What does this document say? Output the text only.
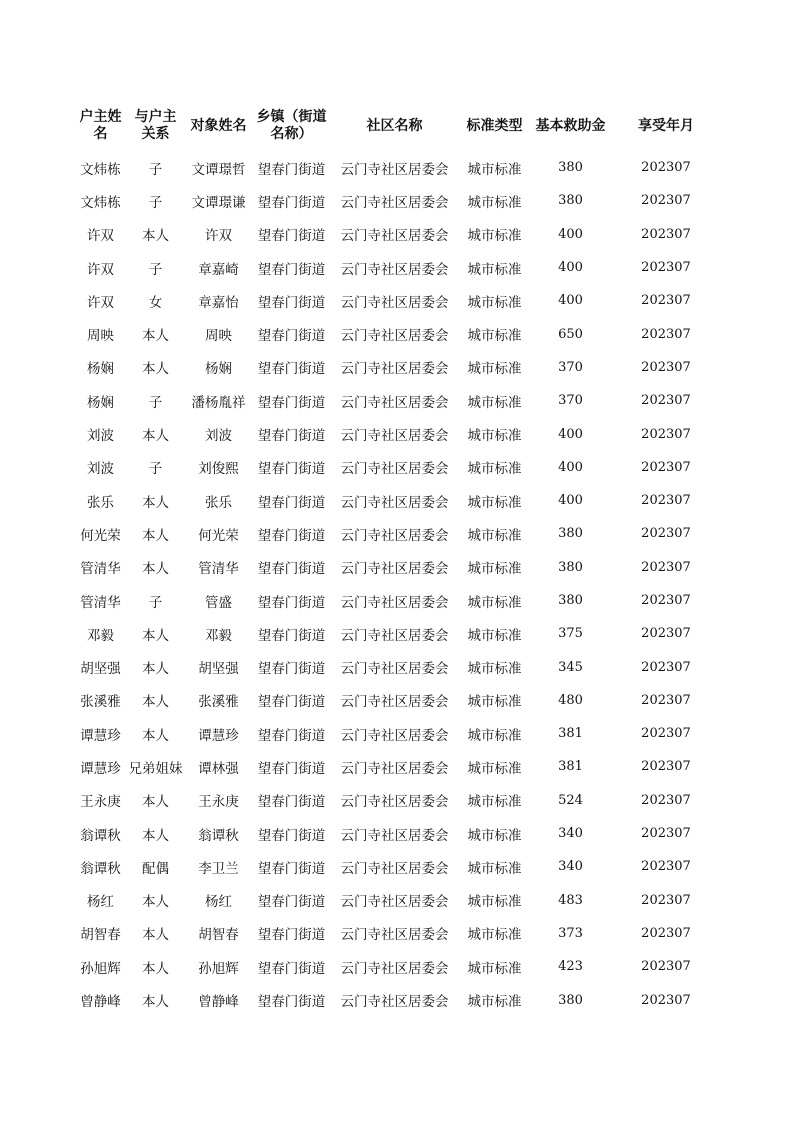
户主姓名	与户主关系	对象姓名	乡镇（街道名称）	社区名称	标准类型	基本救助金	享受年月
文炜栋	子	文谭璟哲	望春门街道	云门寺社区居委会	城市标准	380	202307
文炜栋	子	文谭璟谦	望春门街道	云门寺社区居委会	城市标准	380	202307
许双	本人	许双	望春门街道	云门寺社区居委会	城市标准	400	202307
许双	子	章嘉崎	望春门街道	云门寺社区居委会	城市标准	400	202307
许双	女	章嘉怡	望春门街道	云门寺社区居委会	城市标准	400	202307
周映	本人	周映	望春门街道	云门寺社区居委会	城市标准	650	202307
杨娴	本人	杨娴	望春门街道	云门寺社区居委会	城市标准	370	202307
杨娴	子	潘杨胤祥	望春门街道	云门寺社区居委会	城市标准	370	202307
刘波	本人	刘波	望春门街道	云门寺社区居委会	城市标准	400	202307
刘波	子	刘俊熙	望春门街道	云门寺社区居委会	城市标准	400	202307
张乐	本人	张乐	望春门街道	云门寺社区居委会	城市标准	400	202307
何光荣	本人	何光荣	望春门街道	云门寺社区居委会	城市标准	380	202307
管清华	本人	管清华	望春门街道	云门寺社区居委会	城市标准	380	202307
管清华	子	管盛	望春门街道	云门寺社区居委会	城市标准	380	202307
邓毅	本人	邓毅	望春门街道	云门寺社区居委会	城市标准	375	202307
胡坚强	本人	胡坚强	望春门街道	云门寺社区居委会	城市标准	345	202307
张溪雅	本人	张溪雅	望春门街道	云门寺社区居委会	城市标准	480	202307
谭慧珍	本人	谭慧珍	望春门街道	云门寺社区居委会	城市标准	381	202307
谭慧珍	兄弟姐妹	谭林强	望春门街道	云门寺社区居委会	城市标准	381	202307
王永庚	本人	王永庚	望春门街道	云门寺社区居委会	城市标准	524	202307
翁谭秋	本人	翁谭秋	望春门街道	云门寺社区居委会	城市标准	340	202307
翁谭秋	配偶	李卫兰	望春门街道	云门寺社区居委会	城市标准	340	202307
杨红	本人	杨红	望春门街道	云门寺社区居委会	城市标准	483	202307
胡智春	本人	胡智春	望春门街道	云门寺社区居委会	城市标准	373	202307
孙旭辉	本人	孙旭辉	望春门街道	云门寺社区居委会	城市标准	423	202307
曾静峰	本人	曾静峰	望春门街道	云门寺社区居委会	城市标准	380	202307
